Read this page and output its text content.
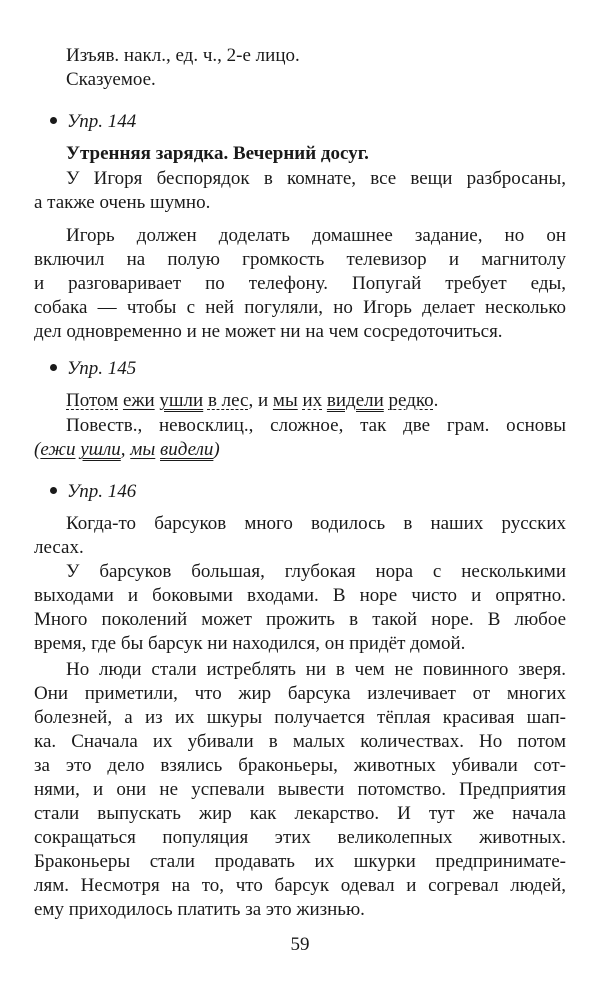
Изъяв. накл., ед. ч., 2-е лицо.
Сказуемое.
Упр. 144
Утренняя зарядка. Вечерний досуг.
У Игоря беспорядок в комнате, все вещи разбросаны,
а также очень шумно.
Игорь должен доделать домашнее задание, но он
включил на полую громкость телевизор и магнитолу
и разговаривает по телефону. Попугай требует еды,
собака — чтобы с ней погуляли, но Игорь делает несколько
дел одновременно и не может ни на чем сосредоточиться.
Упр. 145
Потом ежи ушли в лес, и мы их видели редко.
Повеств., невосклиц., сложное, так две грам. основы
(ежи ушли, мы видели)
Упр. 146
Когда-то барсуков много водилось в наших русских
лесах.
У барсуков большая, глубокая нора с несколькими
выходами и боковыми входами. В норе чисто и опрятно.
Много поколений может прожить в такой норе. В любое
время, где бы барсук ни находился, он придёт домой.
Но люди стали истреблять ни в чем не повинного зверя.
Они приметили, что жир барсука излечивает от многих
болезней, а из их шкуры получается тёплая красивая шап-
ка. Сначала их убивали в малых количествах. Но потом
за это дело взялись браконьеры, животных убивали сот-
нями, и они не успевали вывести потомство. Предприятия
стали выпускать жир как лекарство. И тут же начала
сокращаться популяция этих великолепных животных.
Браконьеры стали продавать их шкурки предпринимате-
лям. Несмотря на то, что барсук одевал и согревал людей,
ему приходилось платить за это жизнью.
59
